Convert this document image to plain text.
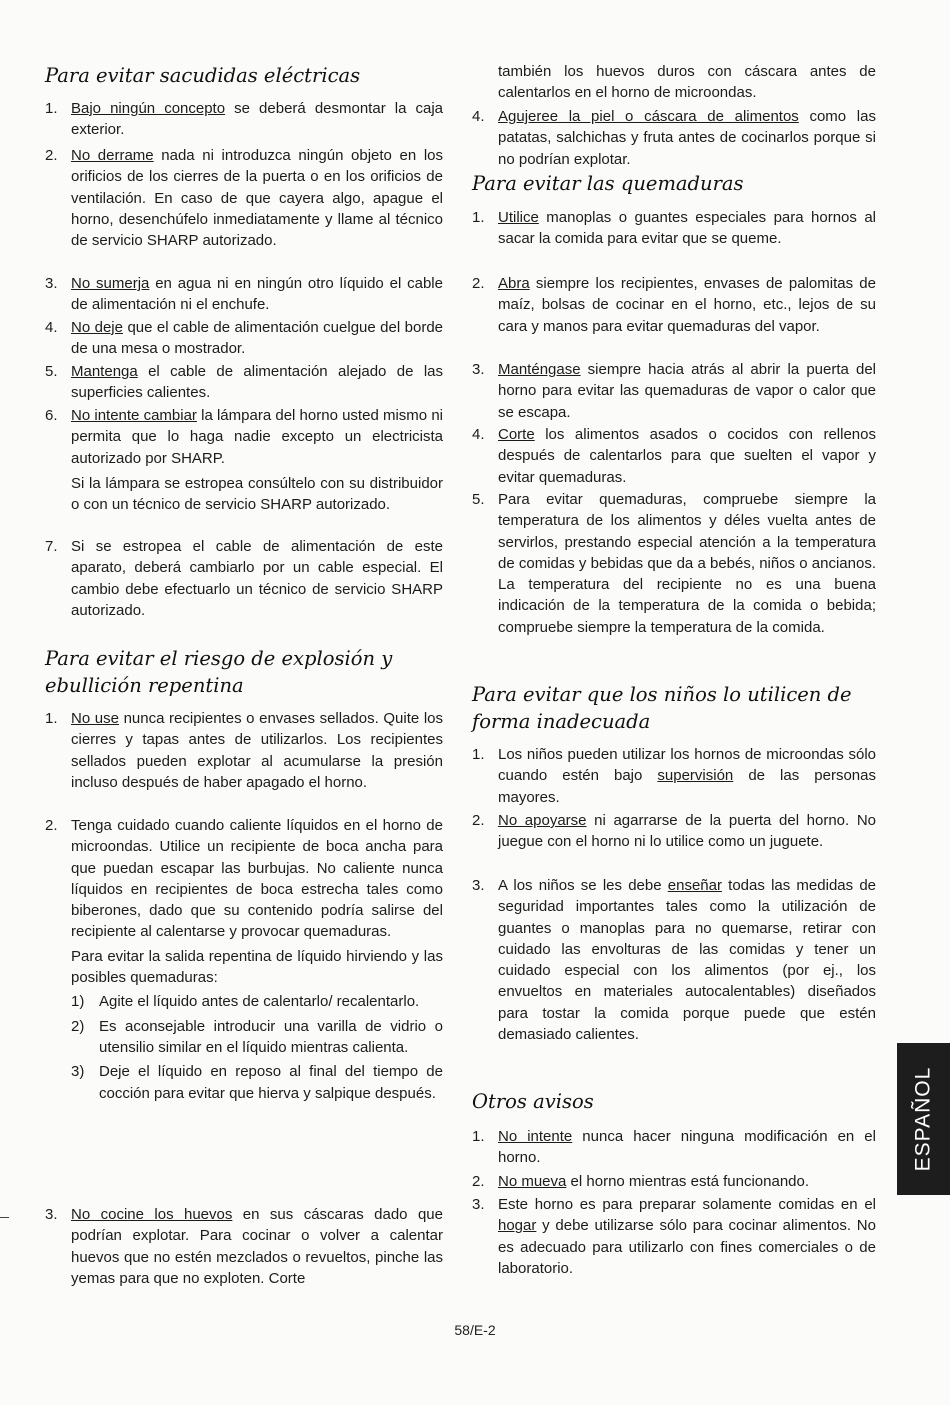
Para evitar sacudidas eléctricas
1. Bajo ningún concepto se deberá desmontar la caja exterior.
2. No derrame nada ni introduzca ningún objeto en los orificios de los cierres de la puerta o en los orificios de ventilación. En caso de que cayera algo, apague el horno, desenchúfelo inmediatamente y llame al técnico de servicio SHARP autorizado.
3. No sumerja en agua ni en ningún otro líquido el cable de alimentación ni el enchufe.
4. No deje que el cable de alimentación cuelgue del borde de una mesa o mostrador.
5. Mantenga el cable de alimentación alejado de las superficies calientes.
6. No intente cambiar la lámpara del horno usted mismo ni permita que lo haga nadie excepto un electricista autorizado por SHARP.

Si la lámpara se estropea consúltelo con su distribuidor o con un técnico de servicio SHARP autorizado.

7. Si se estropea el cable de alimentación de este aparato, deberá cambiarlo por un cable especial. El cambio debe efectuarlo un técnico de servicio SHARP autorizado.
Para evitar el riesgo de explosión y ebullición repentina
1. No use nunca recipientes o envases sellados. Quite los cierres y tapas antes de utilizarlos. Los recipientes sellados pueden explotar al acumularse la presión incluso después de haber apagado el horno.
2. Tenga cuidado cuando caliente líquidos en el horno de microondas. Utilice un recipiente de boca ancha para que puedan escapar las burbujas. No caliente nunca líquidos en recipientes de boca estrecha tales como biberones, dado que su contenido podría salirse del recipiente al calentarse y provocar quemaduras.

Para evitar la salida repentina de líquido hirviendo y las posibles quemaduras:

1) Agite el líquido antes de calentarlo/ recalentarlo.
2) Es aconsejable introducir una varilla de vidrio o utensilio similar en el líquido mientras calienta.
3) Deje el líquido en reposo al final del tiempo de cocción para evitar que hierva y salpique después.
3. No cocine los huevos en sus cáscaras dado que podrían explotar. Para cocinar o volver a calentar huevos que no estén mezclados o revueltos, pinche las yemas para que no exploten. Corte

también los huevos duros con cáscara antes de calentarlos en el horno de microondas.

4. Agujeree la piel o cáscara de alimentos como las patatas, salchichas y fruta antes de cocinarlos porque si no podrían explotar.
Para evitar las quemaduras
1. Utilice manoplas o guantes especiales para hornos al sacar la comida para evitar que se queme.
2. Abra siempre los recipientes, envases de palomitas de maíz, bolsas de cocinar en el horno, etc., lejos de su cara y manos para evitar quemaduras del vapor.
3. Manténgase siempre hacia atrás al abrir la puerta del horno para evitar las quemaduras de vapor o calor que se escapa.
4. Corte los alimentos asados o cocidos con rellenos después de calentarlos para que suelten el vapor y evitar quemaduras.
5. Para evitar quemaduras, compruebe siempre la temperatura de los alimentos y déles vuelta antes de servirlos, prestando especial atención a la temperatura de comidas y bebidas que da a bebés, niños o ancianos. La temperatura del recipiente no es una buena indicación de la temperatura de la comida o bebida; compruebe siempre la temperatura de la comida.
Para evitar que los niños lo utilicen de forma inadecuada
1. Los niños pueden utilizar los hornos de microondas sólo cuando estén bajo supervisión de las personas mayores.
2. No apoyarse ni agarrarse de la puerta del horno. No juegue con el horno ni lo utilice como un juguete.
3. A los niños se les debe enseñar todas las medidas de seguridad importantes tales como la utilización de guantes o manoplas para no quemarse, retirar con cuidado las envolturas de las comidas y tener un cuidado especial con los alimentos (por ej., los envueltos en materiales autocalentables) diseñados para tostar la comida porque puede que estén demasiado calientes.
Otros avisos
1. No intente nunca hacer ninguna modificación en el horno.
2. No mueva el horno mientras está funcionando.
3. Este horno es para preparar solamente comidas en el hogar y debe utilizarse sólo para cocinar alimentos. No es adecuado para utilizarlo con fines comerciales o de laboratorio.
ESPAÑOL
58/E-2
